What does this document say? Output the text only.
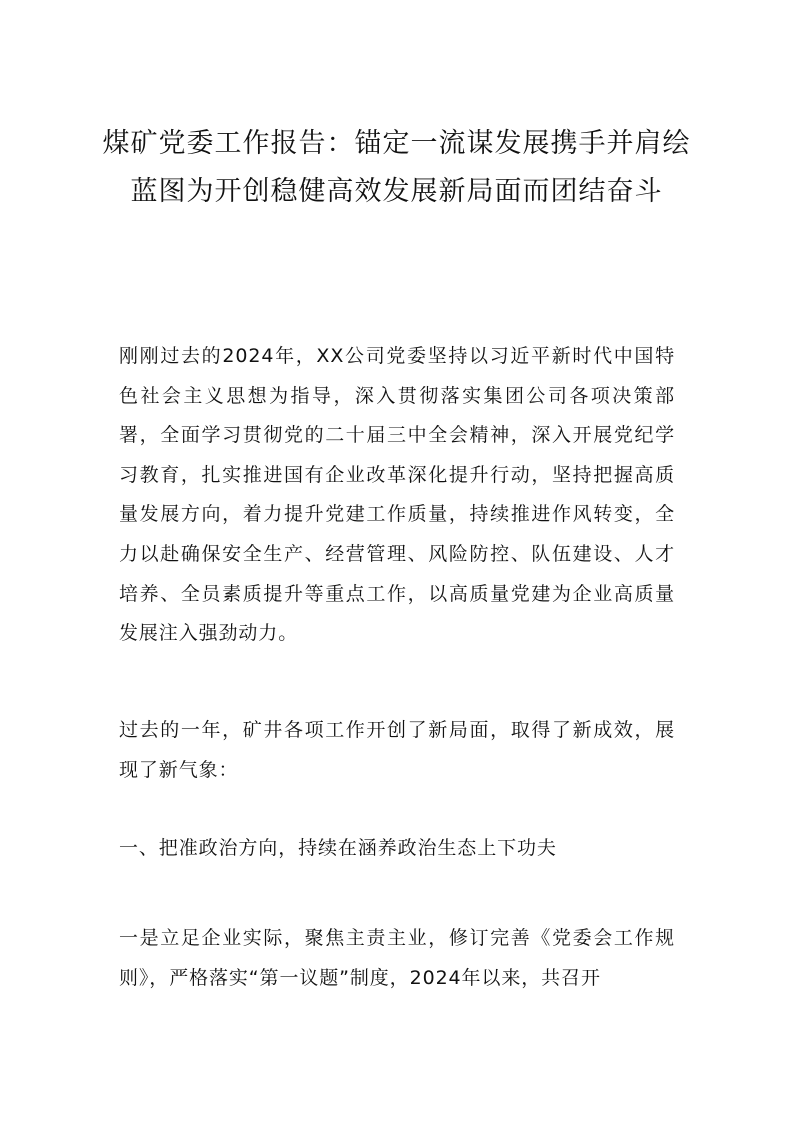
煤矿党委工作报告：锚定一流谋发展携手并肩绘蓝图为开创稳健高效发展新局面而团结奋斗

刚刚过去的2024年，XX公司党委坚持以习近平新时代中国特色社会主义思想为指导，深入贯彻落实集团公司各项决策部署，全面学习贯彻党的二十届三中全会精神，深入开展党纪学习教育，扎实推进国有企业改革深化提升行动，坚持把握高质量发展方向，着力提升党建工作质量，持续推进作风转变，全力以赴确保安全生产、经营管理、风险防控、队伍建设、人才培养、全员素质提升等重点工作，以高质量党建为企业高质量发展注入强劲动力。

过去的一年，矿井各项工作开创了新局面，取得了新成效，展现了新气象：

一、把准政治方向，持续在涵养政治生态上下功夫

一是立足企业实际，聚焦主责主业，修订完善《党委会工作规则》，严格落实“第一议题”制度，2024年以来，共召开
